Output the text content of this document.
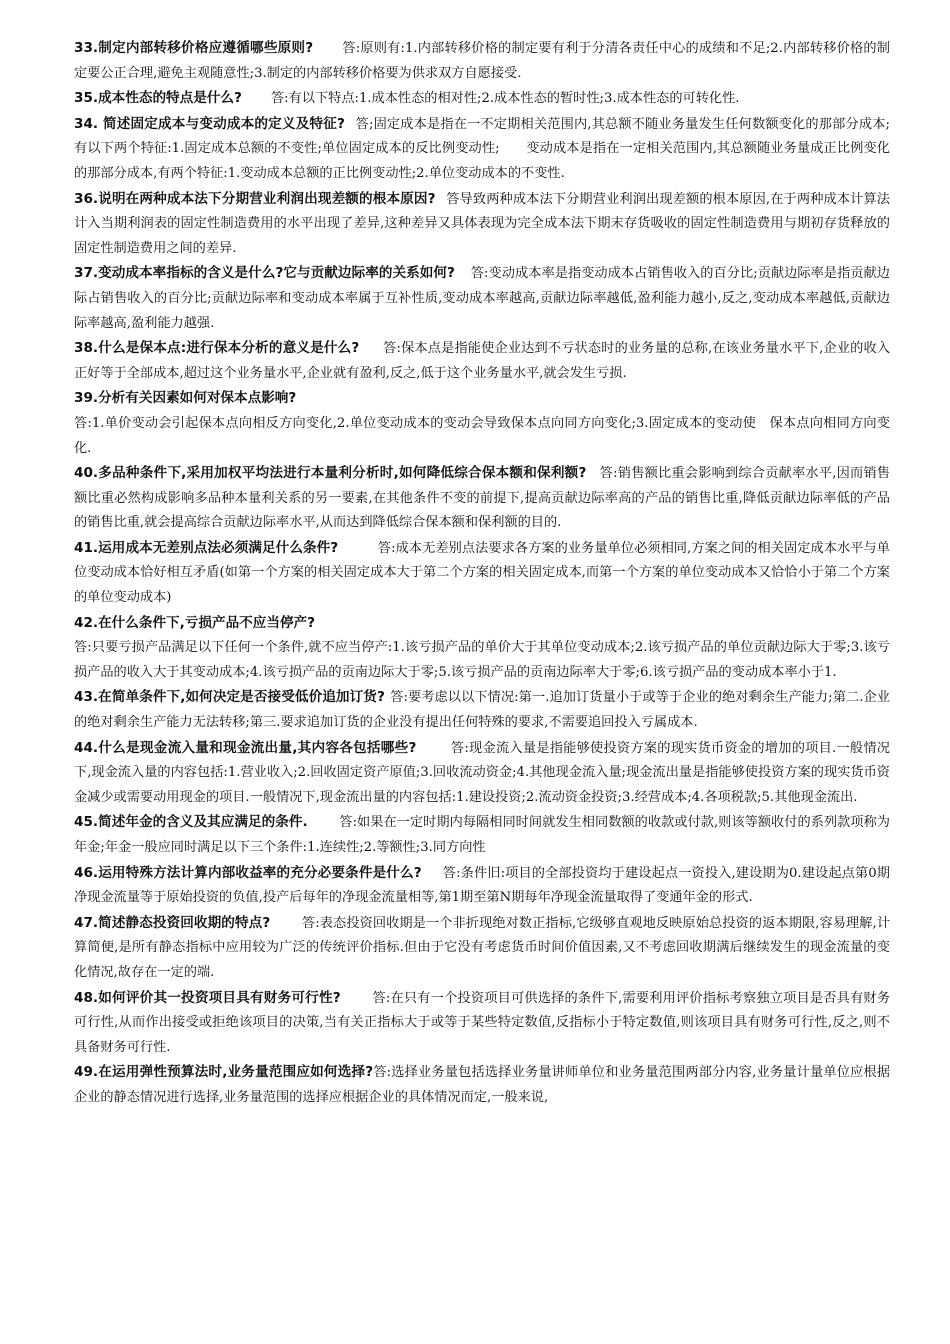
33.制定内部转移价格应遵循哪些原则? 答:原则有:1.内部转移价格的制定要有利于分清各责任中心的成绩和不足;2.内部转移价格的制定要公正合理,避免主观随意性;3.制定的内部转移价格要为供求双方自愿接受.

35.成本性态的特点是什么? 答:有以下特点:1.成本性态的相对性;2.成本性态的暂时性;3.成本性态的可转化性.

34. 简述固定成本与变动成本的定义及特征? 答;固定成本是指在一不定期相关范围内,其总额不随业务量发生任何数额变化的那部分成本;有以下两个特征:1.固定成本总额的不变性;单位固定成本的反比例变动性;　　变动成本是指在一定相关范围内,其总额随业务量成正比例变化的那部分成本,有两个特征:1.变动成本总额的正比例变动性;2.单位变动成本的不变性.

36.说明在两种成本法下分期营业利润出现差额的根本原因? 答导致两种成本法下分期营业利润出现差额的根本原因,在于两种成本计算法计入当期利润表的固定性制造费用的水平出现了差异,这种差异又具体表现为完全成本法下期末存货吸收的固定性制造费用与期初存货释放的固定性制造费用之间的差异.

37.变动成本率指标的含义是什么?它与贡献边际率的关系如何? 答:变动成本率是指变动成本占销售收入的百分比;贡献边际率是指贡献边际占销售收入的百分比;贡献边际率和变动成本率属于互补性质,变动成本率越高,贡献边际率越低,盈利能力越小,反之,变动成本率越低,贡献边际率越高,盈利能力越强.

38.什么是保本点:进行保本分析的意义是什么? 答:保本点是指能使企业达到不亏状态时的业务量的总称,在该业务量水平下,企业的收入正好等于全部成本,超过这个业务量水平,企业就有盈利,反之,低于这个业务量水平,就会发生亏损.

39.分析有关因素如何对保本点影响?
答:1.单价变动会引起保本点向相反方向变化,2.单位变动成本的变动会导致保本点向同方向变化;3.固定成本的变动使　保本点向相同方向变化.

40.多品种条件下,采用加权平均法进行本量利分析时,如何降低综合保本额和保利额? 答:销售额比重会影响到综合贡献率水平,因而销售额比重必然构成影响多品种本量利关系的另一要素,在其他条件不变的前提下,提高贡献边际率高的产品的销售比重,降低贡献边际率低的产品的销售比重,就会提高综合贡献边际率水平,从而达到降低综合保本额和保利额的目的.

41.运用成本无差别点法必须满足什么条件?	答:成本无差别点法要求各方案的业务量单位必须相同,方案之间的相关固定成本水平与单位变动成本恰好相互矛盾(如第一个方案的相关固定成本大于第二个方案的相关固定成本,而第一个方案的单位变动成本又恰恰小于第二个方案的单位变动成本)

42.在什么条件下,亏损产品不应当停产?
答:只要亏损产品满足以下任何一个条件,就不应当停产:1.该亏损产品的单价大于其单位变动成本;2.该亏损产品的单位贡献边际大于零;3.该亏损产品的收入大于其变动成本;4.该亏损产品的贡南边际大于零;5.该亏损产品的贡南边际率大于零;6.该亏损产品的变动成本率小于1.

43.在简单条件下,如何决定是否接受低价追加订货? 答:要考虑以以下情况:第一.追加订货量小于或等于企业的绝对剩余生产能力;第二.企业的绝对剩余生产能力无法转移;第三.要求追加订货的企业没有提出任何特殊的要求,不需要追回投入亏属成本.

44.什么是现金流入量和现金流出量,其内容各包括哪些?	答:现金流入量是指能够使投资方案的现实货币资金的增加的项目.一般情况下,现金流入量的内容包括:1.营业收入;2.回收固定资产原值;3.回收流动资金;4.其他现金流入量;现金流出量是指能够使投资方案的现实货币资金减少或需要动用现金的项目.一般情况下,现金流出量的内容包括:1.建设投资;2.流动资金投资;3.经营成本;4.各项税款;5.其他现金流出.

45.简述年金的含义及其应满足的条件. 答:如果在一定时期内每隔相同时间就发生相同数额的收款或付款,则该等额收付的系列款项称为年金;年金一般应同时满足以下三个条件:1.连续性;2.等额性;3.同方向性

46.运用特殊方法计算内部收益率的充分必要条件是什么? 答:条件旧:项目的全部投资均于建设起点一资投入,建设期为0.建设起点第0期净现金流量等于原始投资的负值,投产后每年的净现金流量相等,第1期至第N期每年净现金流量取得了变通年金的形式.

47.简述静态投资回收期的特点? 答:表态投资回收期是一个非折现绝对数正指标,它级够直观地反映原始总投资的返本期限,容易理解,计算简便,是所有静态指标中应用较为广泛的传统评价指标.但由于它没有考虑货币时间价值因素,又不考虑回收期满后继续发生的现金流量的变化情况,故存在一定的端.

48.如何评价其一投资项目具有财务可行性? 答:在只有一个投资项目可供选择的条件下,需要利用评价指标考察独立项目是否具有财务可行性,从而作出接受或拒绝该项目的决策,当有关正指标大于或等于某些特定数值,反指标小于特定数值,则该项目具有财务可行性,反之,则不具备财务可行性.

49.在运用弹性预算法时,业务量范围应如何选择?答:选择业务量包括选择业务量讲师单位和业务量范围两部分内容,业务量计量单位应根据企业的静态情况进行选择,业务量范围的选择应根据企业的具体情况而定,一般来说,
